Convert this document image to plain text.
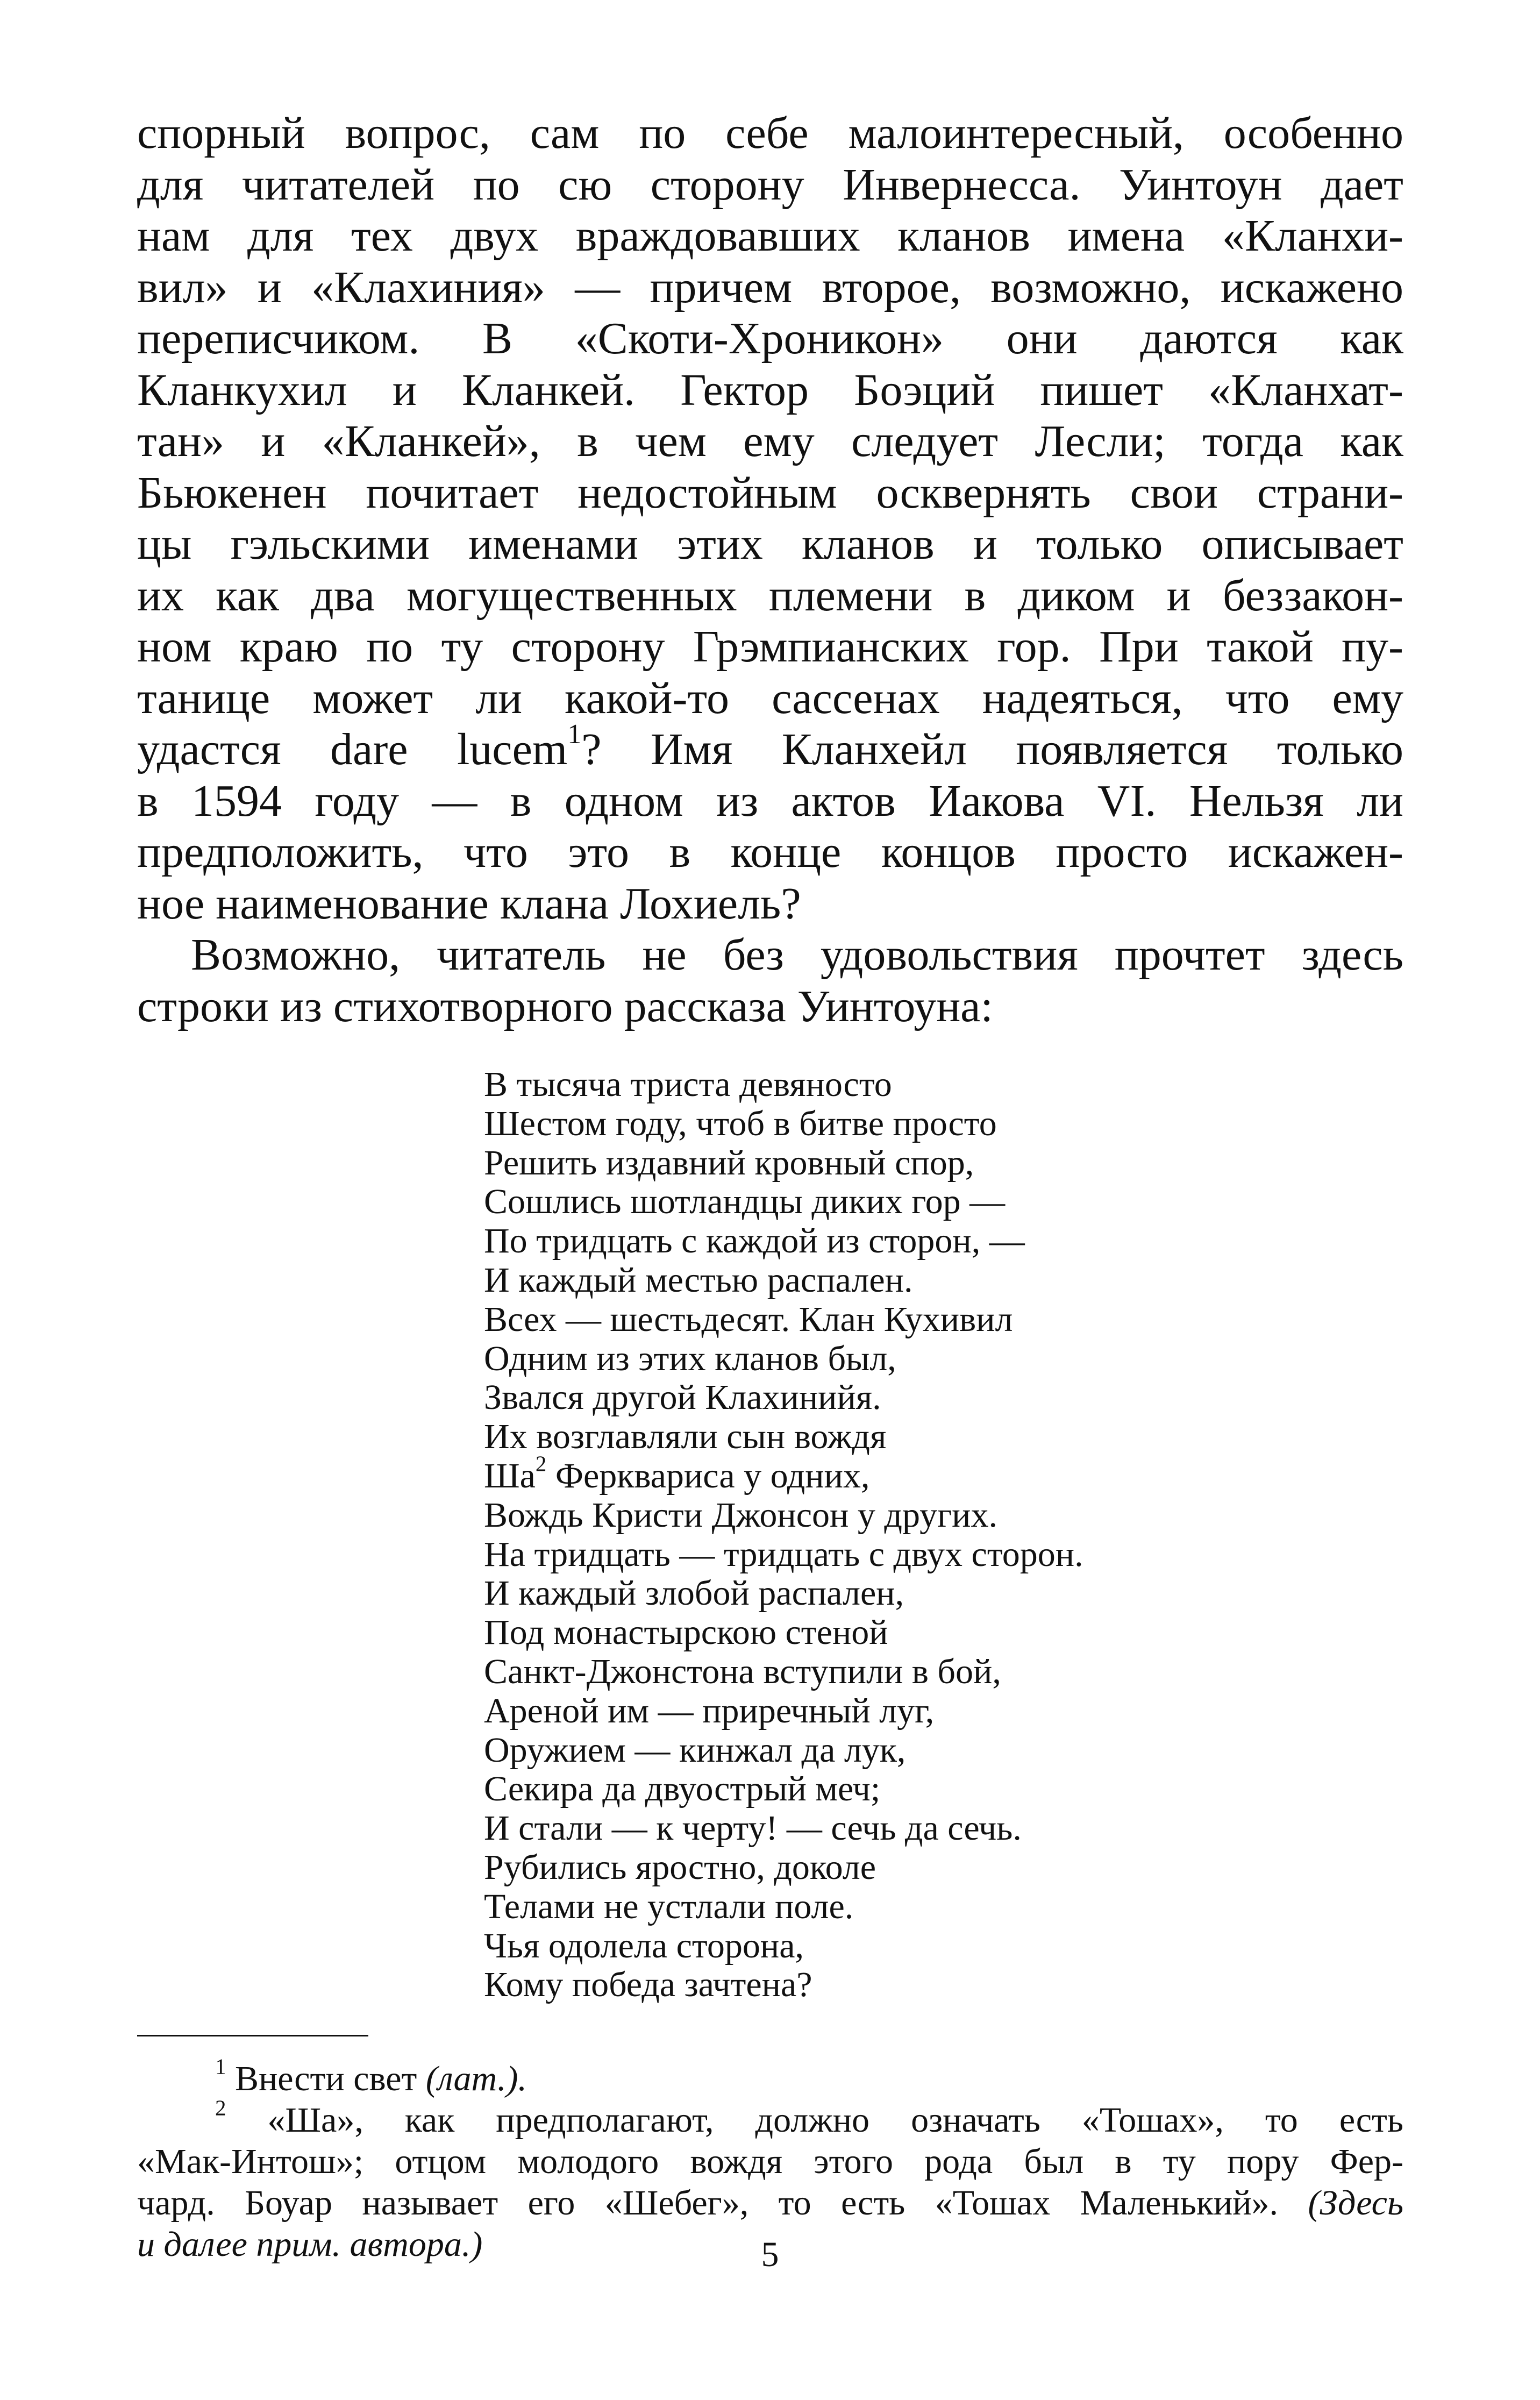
спорный вопрос, сам по себе малоинтересный, особенно
для читателей по сю сторону Инвернесса. Уинтоун дает
нам для тех двух враждовавших кланов имена «Кланхи-
вил» и «Клахиния» — причем второе, возможно, искажено
переписчиком. В «Скоти-Хроникон» они даются как
Кланкухил и Кланкей. Гектор Боэций пишет «Кланхат-
тан» и «Кланкей», в чем ему следует Лесли; тогда как
Бьюкенен почитает недостойным осквернять свои страни-
цы гэльскими именами этих кланов и только описывает
их как два могущественных племени в диком и беззакон-
ном краю по ту сторону Грэмпианских гор. При такой пу-
танице может ли какой-то сассенах надеяться, что ему
удастся dare lucem$^1$? Имя Кланхейл появляется только
в 1594 году — в одном из актов Иакова VI. Нельзя ли
предположить, что это в конце концов просто искажен-
ное наименование клана Лохиель?

Возможно, читатель не без удовольствия прочтет здесь
строки из стихотворного рассказа Уинтоуна:

В тысяча триста девяносто
Шестом году, чтоб в битве просто
Решить издавний кровный спор,
Сошлись шотландцы диких гор —
По тридцать с каждой из сторон, —
И каждый местью распален.
Всех — шестьдесят. Клан Кухивил
Одним из этих кланов был,
Звался другой Клахинийя.
Их возглавляли сын вождя
$Ша^2$ Ферквариса у одних,
Вождь Кристи Джонсон у других.
На тридцать — тридцать с двух сторон.
И каждый злобой распален,
Под монастырскою стеной
Санкт-Джонстона вступили в бой,
Ареной им — приречный луг,
Оружием — кинжал да лук,
Секира да двуострый меч;
И стали — к черту! — сечь да сечь.
Рубились яростно, доколе
Телами не устлали поле.
Чья одолела сторона,
Кому победа зачтена?
$^1$ Внести свет (лат.).
$^2$ «Ша», как предполагают, должно означать «Тошах», то есть
«Мак-Интош»; отцом молодого вождя этого рода был в ту пору Фер-
чард. Боуар называет его «Шебег», то есть «Тошах Маленький». (Здесь
и далее прим. автора.)	5
